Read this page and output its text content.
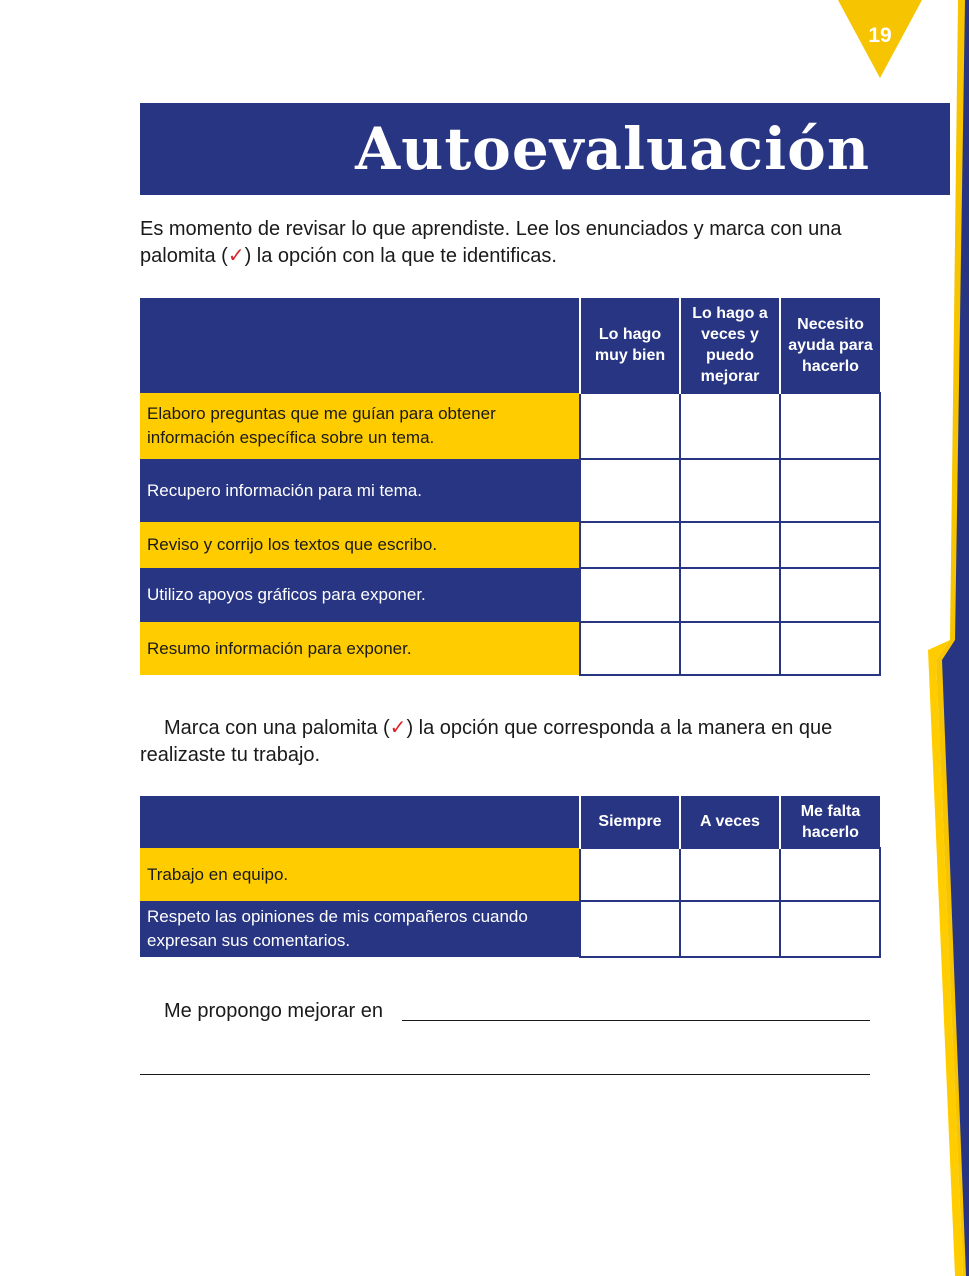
19
Autoevaluación
Es momento de revisar lo que aprendiste. Lee los enunciados y marca con una palomita (✓) la opción con la que te identificas.
	Lo hago muy bien	Lo hago a veces y puedo mejorar	Necesito ayuda para hacerlo
Elaboro preguntas que me guían para obtener información específica sobre un tema.			
Recupero información para mi tema.			
Reviso y corrijo los textos que escribo.			
Utilizo apoyos gráficos para exponer.			
Resumo información para exponer.			
Marca con una palomita (✓) la opción que corresponda a la manera en que realizaste tu trabajo.
	Siempre	A veces	Me falta hacerlo
Trabajo en equipo.			
Respeto las opiniones de mis compañeros cuando expresan sus comentarios.			
Me propongo mejorar en
